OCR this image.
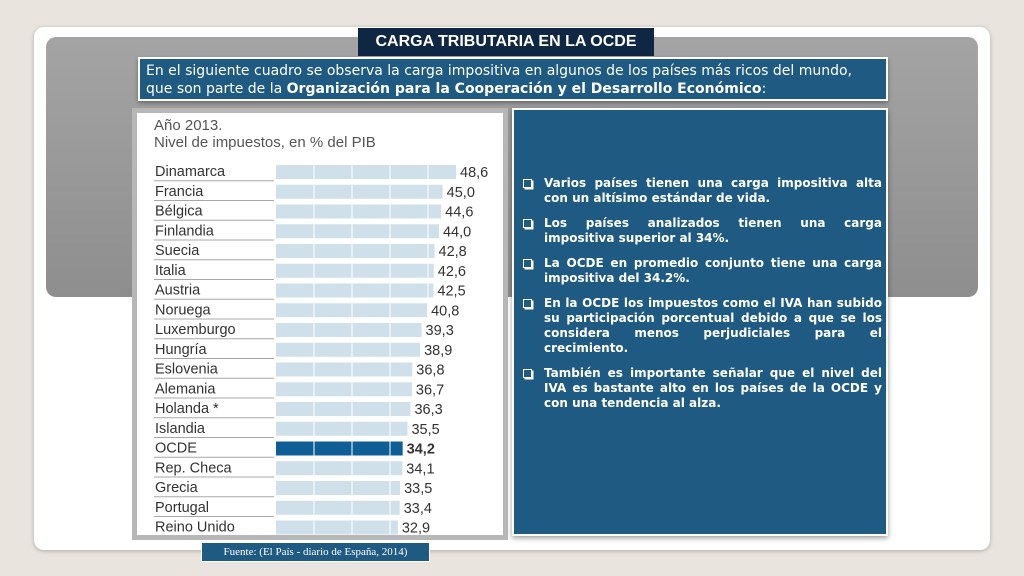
CARGA TRIBUTARIA EN LA OCDE
En el siguiente cuadro se observa la carga impositiva en algunos de los países más ricos del mundo, que son parte de la Organización para la Cooperación y el Desarrollo Económico:
Año 2013.
Nivel de impuestos, en % del PIB
Dinamarca	48,6
Francia	45,0
Bélgica	44,6
Finlandia	44,0
Suecia	42,8
Italia	42,6
Austria	42,5
Noruega	40,8
Luxemburgo	39,3
Hungría	38,9
Eslovenia	36,8
Alemania	36,7
Holanda *	36,3
Islandia	35,5
OCDE	34,2
Rep. Checa	34,1
Grecia	33,5
Portugal	33,4
Reino Unido	32,9
Varios países tienen una carga impositiva alta con un altísimo estándar de vida.
Los países analizados tienen una carga impositiva superior al 34%.
La OCDE en promedio conjunto tiene una carga impositiva del 34.2%.
En la OCDE los impuestos como el IVA han subido su participación porcentual debido a que se los considera menos perjudiciales para el crecimiento.
También es importante señalar que el nivel del IVA es bastante alto en los países de la OCDE y con una tendencia al alza.
Fuente: (El País - diario de España, 2014)
